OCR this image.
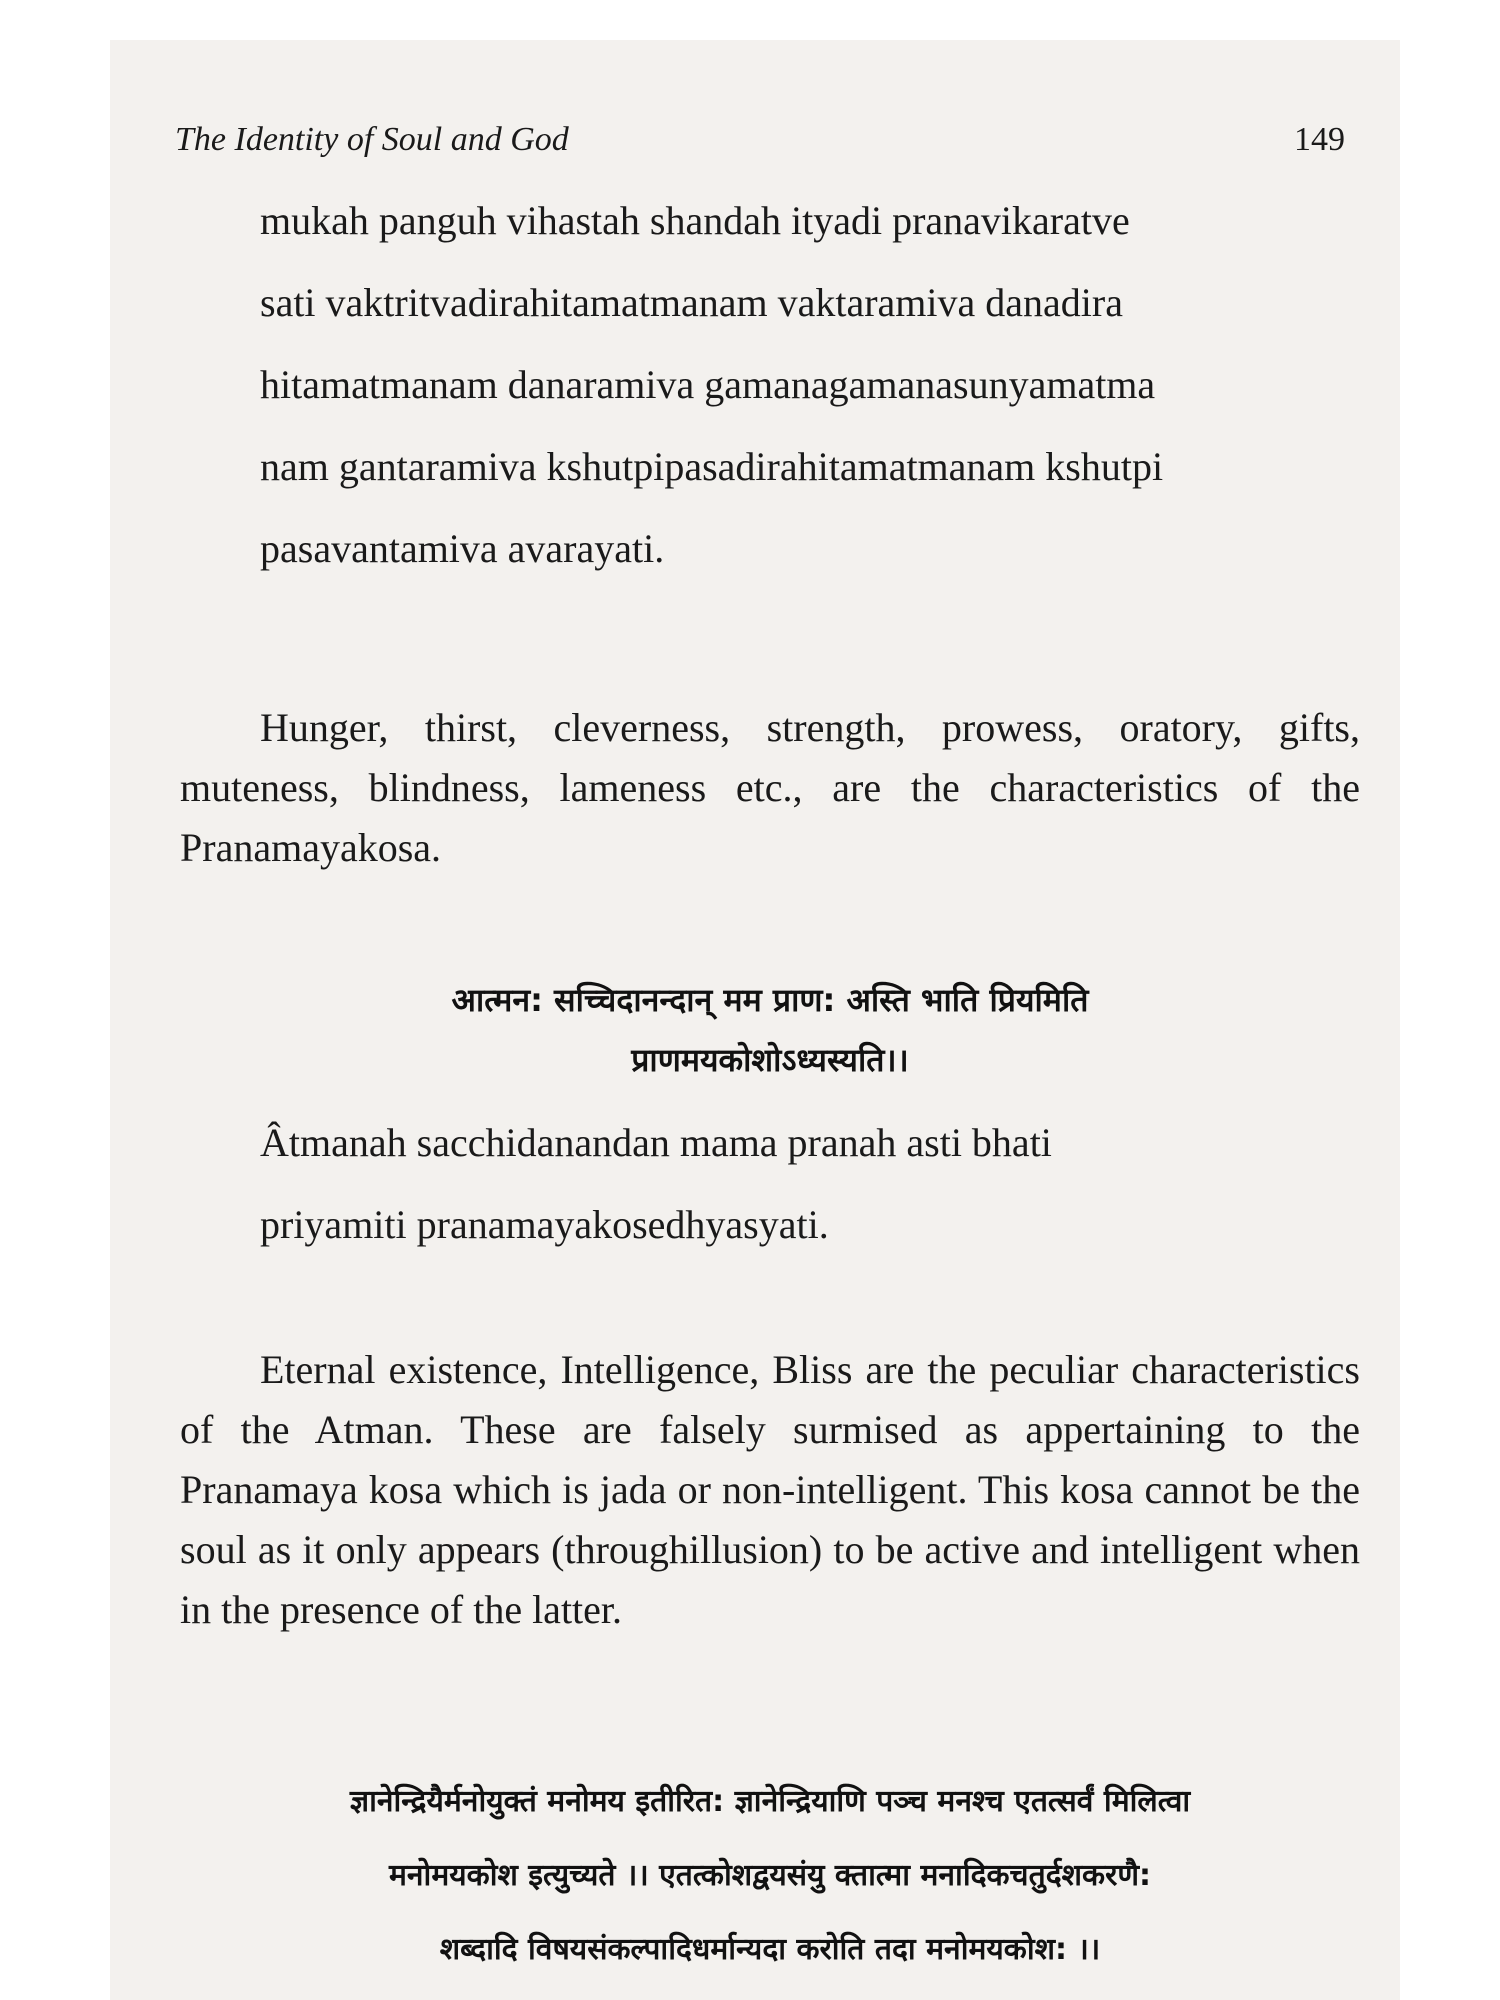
The Identity of Soul and God	149

mukah panguh vihastah shandah ityadi pranavikaratve
sati vaktritvadirahitamatmanam vaktaramiva danadira
hitamatmanam danaramiva gamanagamanasunyamatma
nam gantaramiva kshutpipasadirahitamatmanam kshutpi
pasavantamiva avarayati.

Hunger, thirst, cleverness, strength, prowess, oratory, gifts, muteness, blindness, lameness etc., are the characteristics of the Pranamayakosa.

आत्मन: सच्चिदानन्दान् मम प्राण: अस्ति भाति प्रियमिति
प्राणमयकोशोऽध्यस्यति।।

Âtmanah sacchidanandan mama pranah asti bhati
priyamiti pranamayakosedhyasyati.

Eternal existence, Intelligence, Bliss are the peculiar characteristics of the Atman. These are falsely surmised as appertaining to the Pranamaya kosa which is jada or non-intelligent. This kosa cannot be the soul as it only appears (throughillusion) to be active and intelligent when in the presence of the latter.

ज्ञानेन्द्रियैर्मनोयुक्तं मनोमय इतीरित: ज्ञानेन्द्रियाणि पञ्च मनश्च एतत्सर्वं मिलित्वा
मनोमयकोश इत्युच्यते ।। एतत्कोशद्वयसंयु क्तात्मा मनादिकचतुर्दशकरणै:
शब्दादि विषयसंकल्पादिधर्मान्यदा करोति तदा मनोमयकोश: ।।
